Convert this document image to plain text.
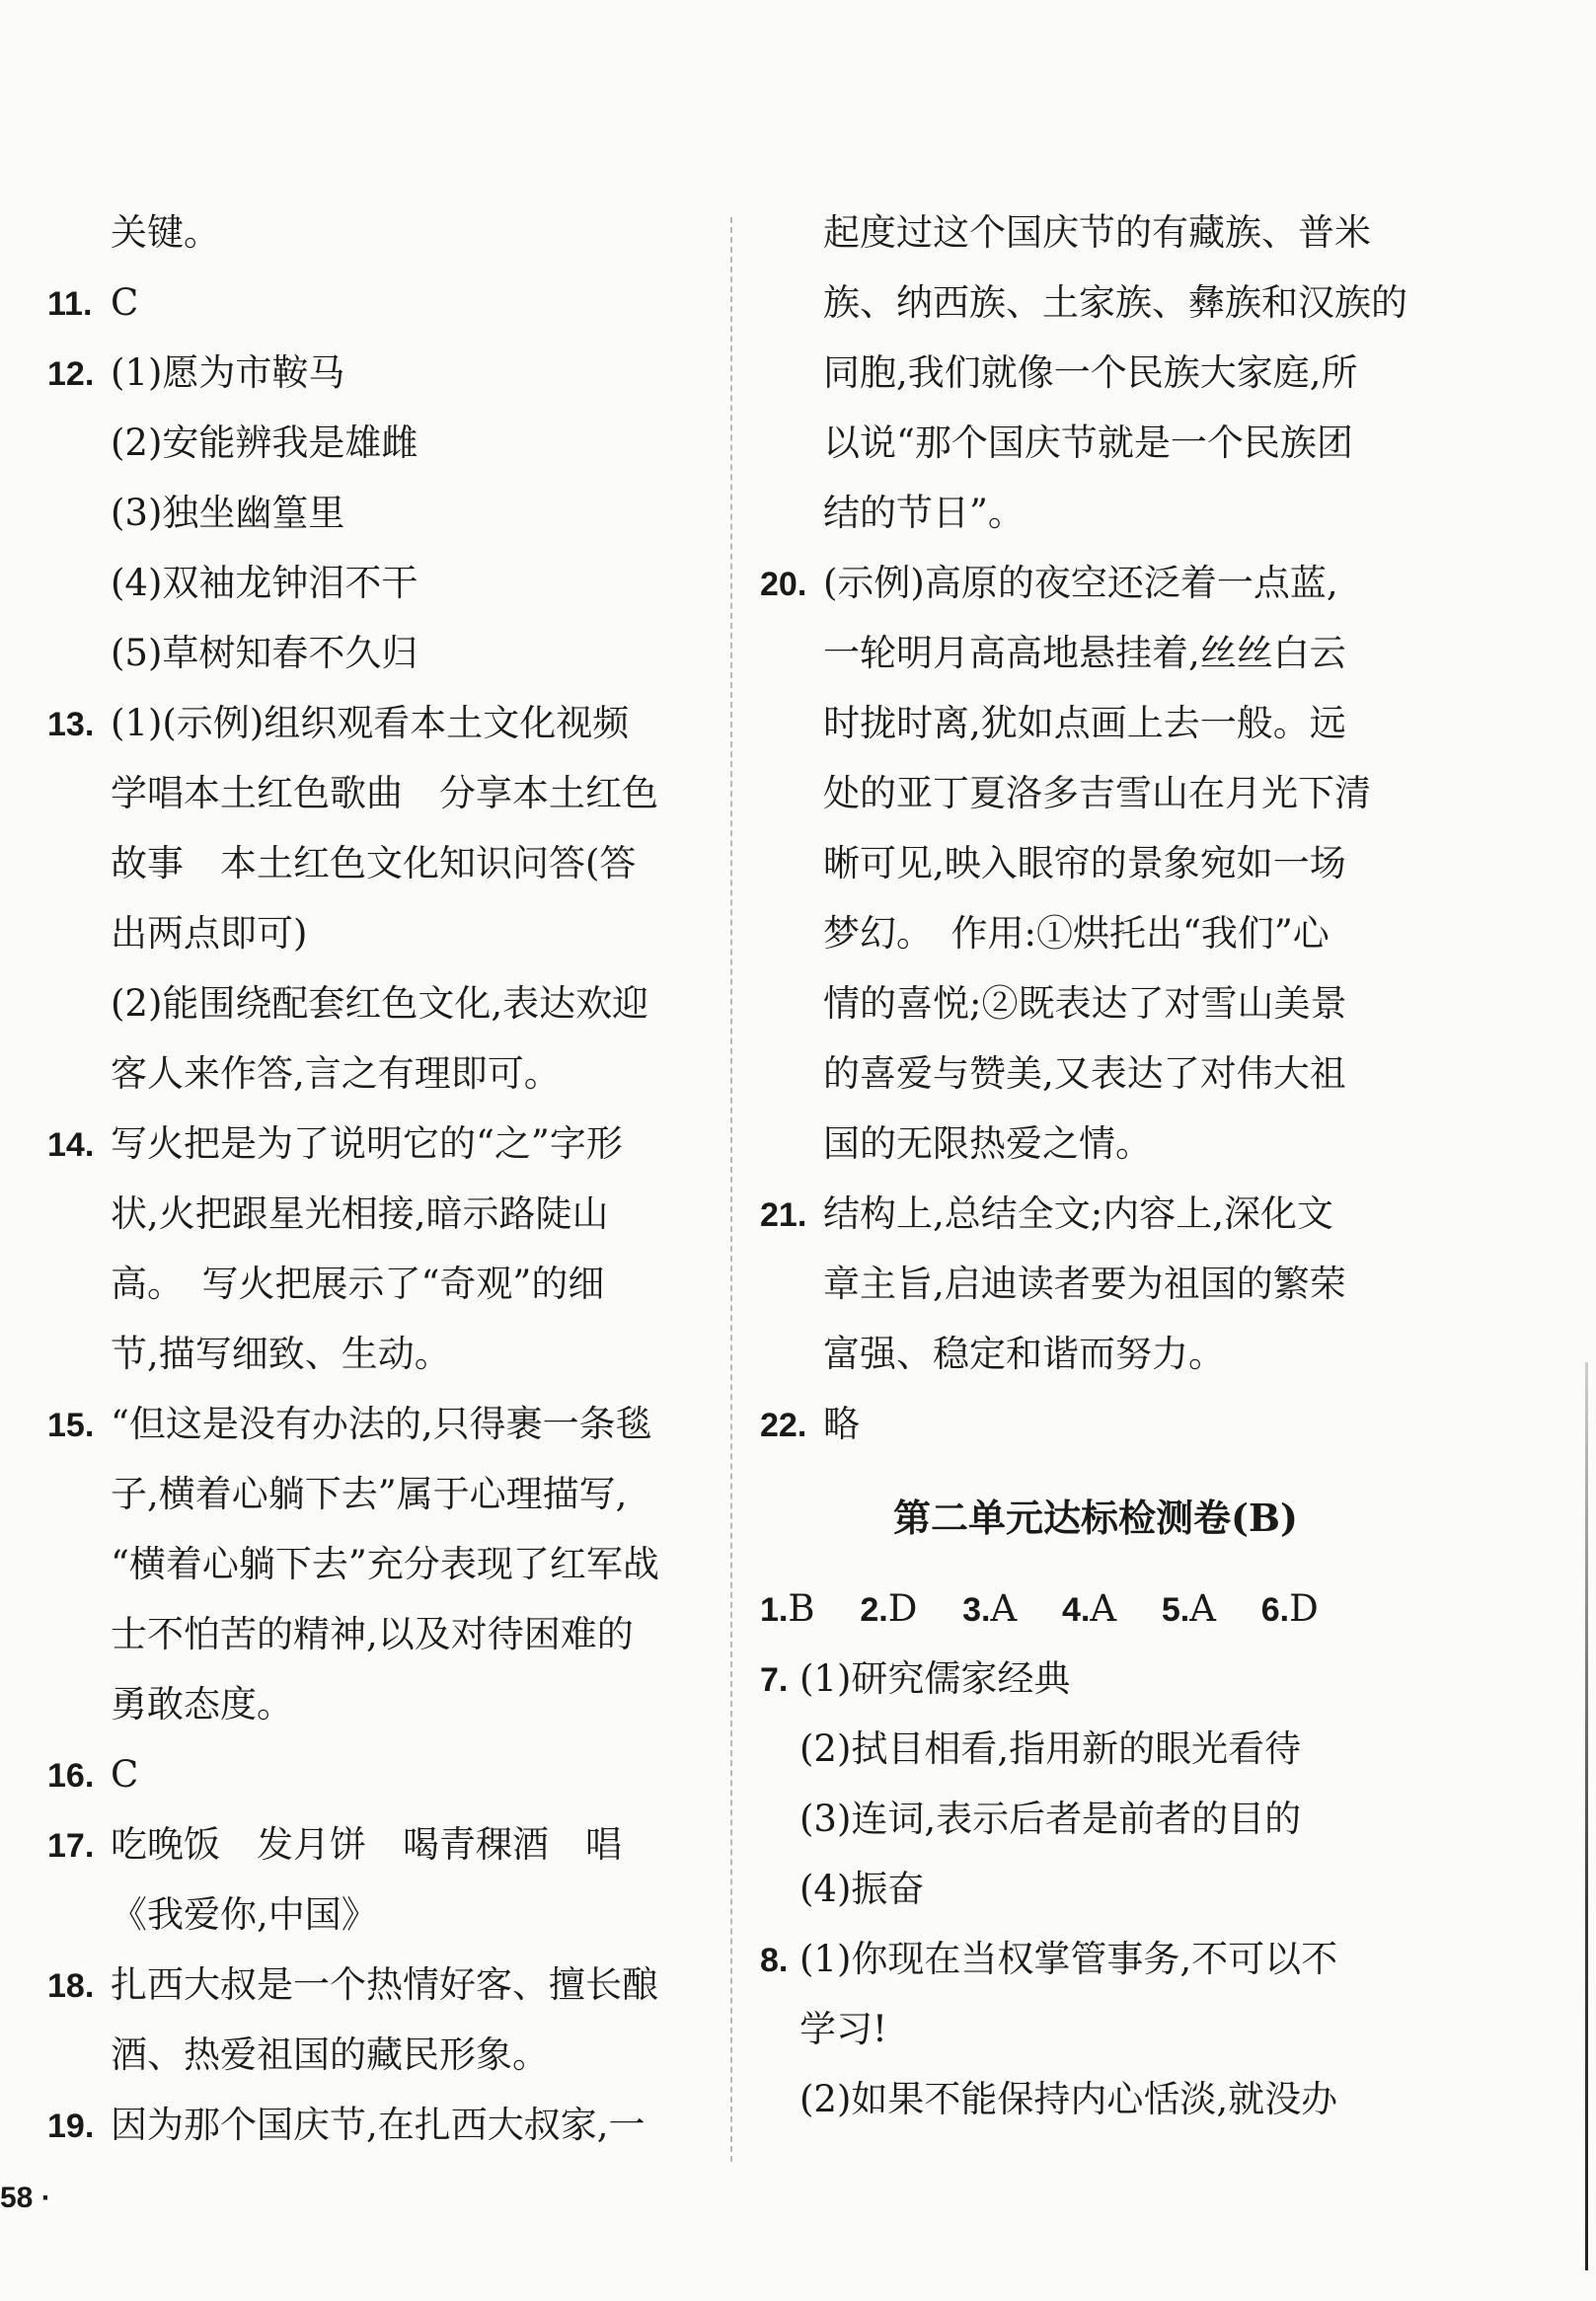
关键。
11. C
12. (1)愿为市鞍马
(2)安能辨我是雄雌
(3)独坐幽篁里
(4)双袖龙钟泪不干
(5)草树知春不久归
13. (1)(示例)组织观看本土文化视频
学唱本土红色歌曲　分享本土红色
故事　本土红色文化知识问答(答
出两点即可)
(2)能围绕配套红色文化,表达欢迎
客人来作答,言之有理即可。
14. 写火把是为了说明它的“之”字形
状,火把跟星光相接,暗示路陡山
高。　写火把展示了“奇观”的细
节,描写细致、生动。
15. “但这是没有办法的,只得裹一条毯
子,横着心躺下去”属于心理描写,
“横着心躺下去”充分表现了红军战
士不怕苦的精神,以及对待困难的
勇敢态度。
16. C
17. 吃晚饭　发月饼　喝青稞酒　唱
《我爱你,中国》
18. 扎西大叔是一个热情好客、擅长酿
酒、热爱祖国的藏民形象。
19. 因为那个国庆节,在扎西大叔家,一
起度过这个国庆节的有藏族、普米
族、纳西族、土家族、彝族和汉族的
同胞,我们就像一个民族大家庭,所
以说“那个国庆节就是一个民族团
结的节日”。
20. (示例)高原的夜空还泛着一点蓝,
一轮明月高高地悬挂着,丝丝白云
时拢时离,犹如点画上去一般。远
处的亚丁夏洛多吉雪山在月光下清
晰可见,映入眼帘的景象宛如一场
梦幻。　作用:①烘托出“我们”心
情的喜悦;②既表达了对雪山美景
的喜爱与赞美,又表达了对伟大祖
国的无限热爱之情。
21. 结构上,总结全文;内容上,深化文
章主旨,启迪读者要为祖国的繁荣
富强、稳定和谐而努力。
22. 略
第二单元达标检测卷(B)
1.B 2.D 3.A 4.A 5.A 6.D
7. (1)研究儒家经典
(2)拭目相看,指用新的眼光看待
(3)连词,表示后者是前者的目的
(4)振奋
8. (1)你现在当权掌管事务,不可以不
学习!
(2)如果不能保持内心恬淡,就没办
58 ·
